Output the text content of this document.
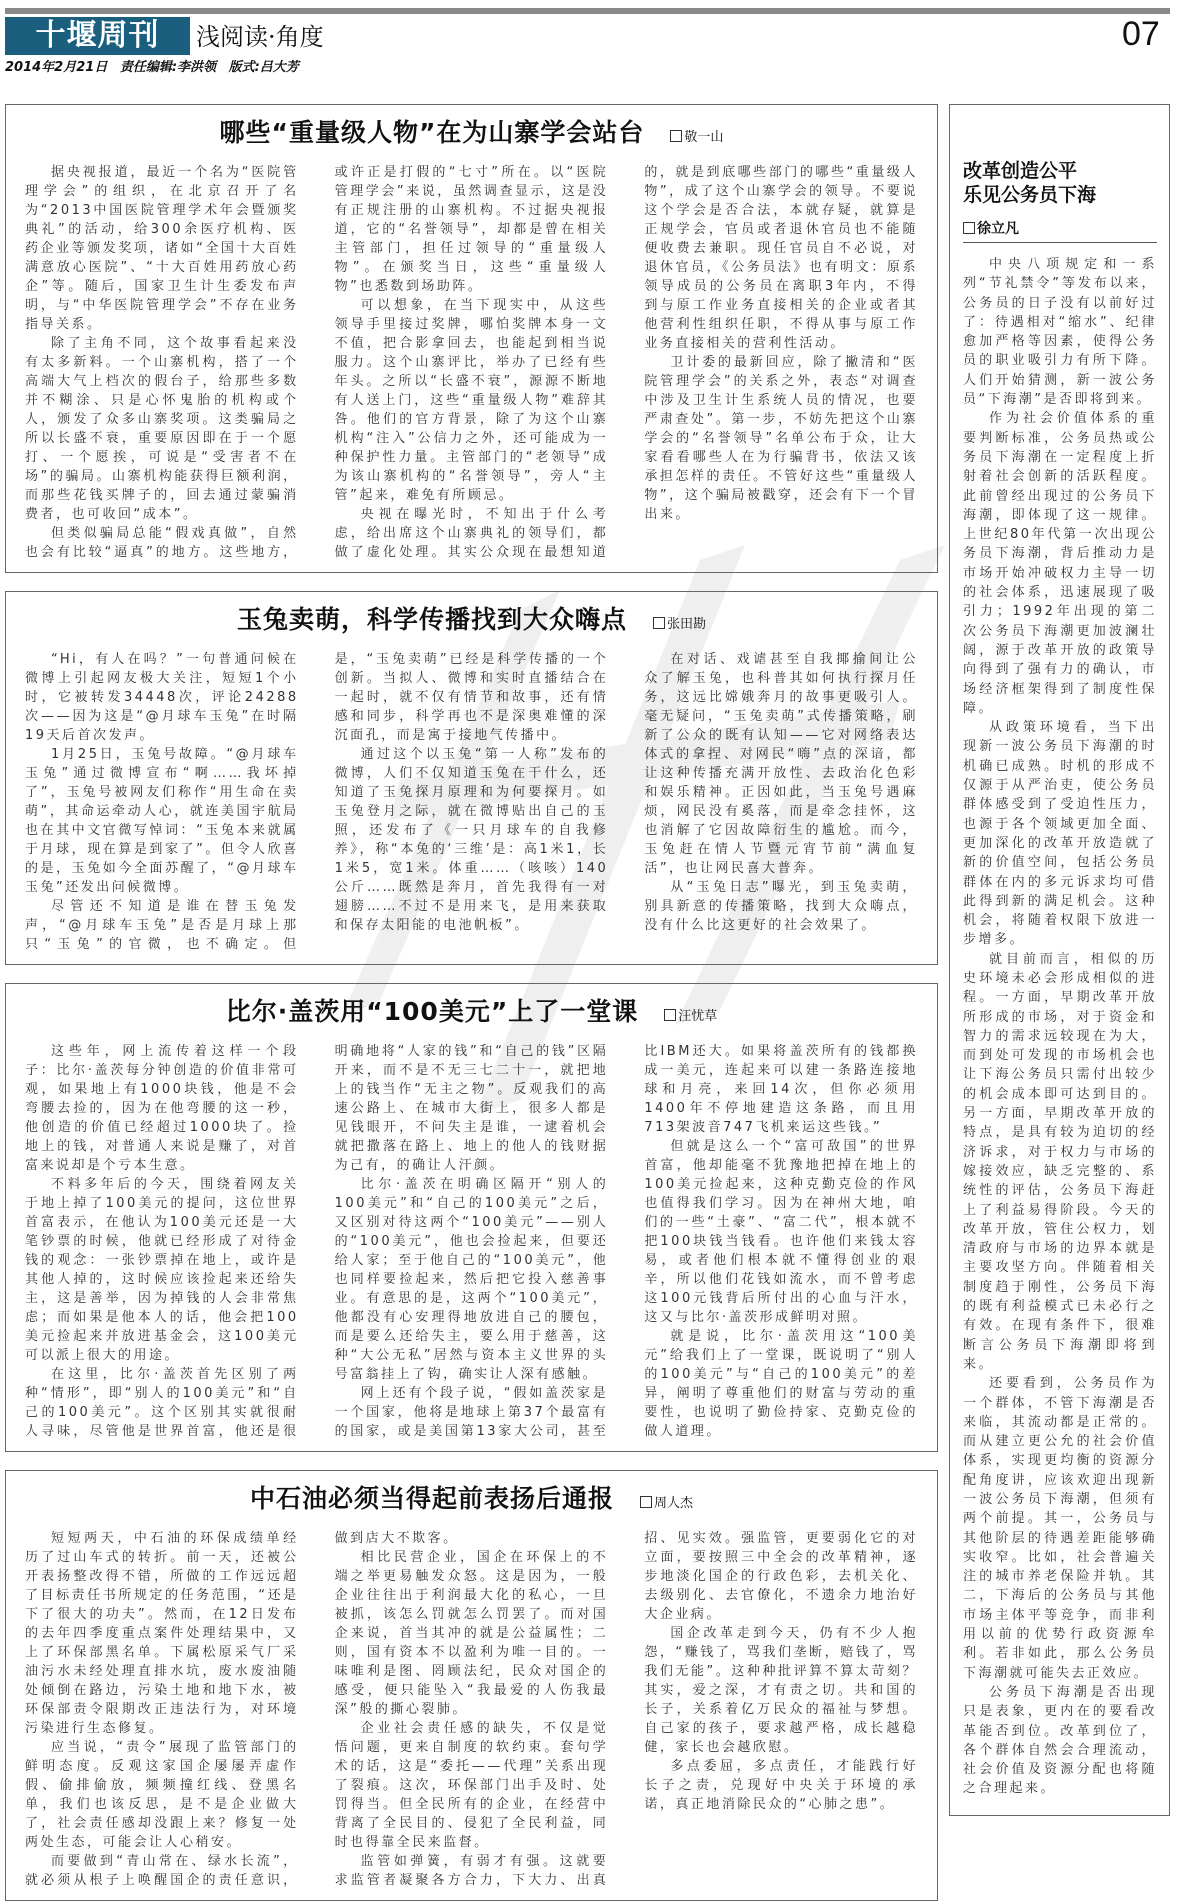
十堰周刊	浅阅读·角度	07
2014年2月21日 责任编辑:李洪领 版式:吕大芳
哪些“重量级人物”在为山寨学会站台	敬一山

据央视报道，最近一个名为“医院管理学会”的组织，在北京召开了名为“2013中国医院管理学术年会暨颁奖典礼”的活动，给300余医疗机构、医药企业等颁发奖项，诸如“全国十大百姓满意放心医院”、“十大百姓用药放心药企”等。随后，国家卫生计生委发布声明，与“中华医院管理学会”不存在业务指导关系。

除了主角不同，这个故事看起来没有太多新料。一个山寨机构，搭了一个高端大气上档次的假台子，给那些多数并不糊涂、只是心怀鬼胎的机构或个人，颁发了众多山寨奖项。这类骗局之所以长盛不衰，重要原因即在于一个愿打、一个愿挨，可说是“受害者不在场”的骗局。山寨机构能获得巨额利润，而那些花钱买牌子的，回去通过蒙骗消费者，也可收回“成本”。

但类似骗局总能“假戏真做”，自然也会有比较“逼真”的地方。这些地方，或许正是打假的“七寸”所在。以“医院管理学会”来说，虽然调查显示，这是没有正规注册的山寨机构。不过据央视报道，它的“名誉领导”，却都是曾在相关主管部门，担任过领导的“重量级人物”。在颁奖当日，这些“重量级人物”也悉数到场助阵。

可以想象，在当下现实中，从这些领导手里接过奖牌，哪怕奖牌本身一文不值，把合影拿回去，也能起到相当说服力。这个山寨评比，举办了已经有些年头。之所以“长盛不衰”，源源不断地有人送上门，这些“重量级人物”难辞其咎。他们的官方背景，除了为这个山寨机构“注入”公信力之外，还可能成为一种保护性力量。主管部门的“老领导”成为该山寨机构的“名誉领导”，旁人“主管”起来，难免有所顾忌。

央视在曝光时，不知出于什么考虑，给出席这个山寨典礼的领导们，都做了虚化处理。其实公众现在最想知道的，就是到底哪些部门的哪些“重量级人物”，成了这个山寨学会的领导。不要说这个学会是否合法，本就存疑，就算是正规学会，官员或者退休官员也不能随便收费去兼职。现任官员自不必说，对退休官员，《公务员法》也有明文：原系领导成员的公务员在离职3年内，不得到与原工作业务直接相关的企业或者其他营利性组织任职，不得从事与原工作业务直接相关的营利性活动。

卫计委的最新回应，除了撇清和“医院管理学会”的关系之外，表态“对调查中涉及卫生计生系统人员的情况，也要严肃查处”。第一步，不妨先把这个山寨学会的“名誉领导”名单公布于众，让大家看看哪些人在为行骗背书，依法又该承担怎样的责任。不管好这些“重量级人物”，这个骗局被戳穿，还会有下一个冒出来。

玉兔卖萌，科学传播找到大众嗨点	张田勘

“Hi，有人在吗？”一句普通问候在微博上引起网友极大关注，短短1个小时，它被转发34448次，评论24288次——因为这是“@月球车玉兔”在时隔19天后首次发声。

1月25日，玉兔号故障。“@月球车玉兔”通过微博宣布“啊……我坏掉了”，玉兔号被网友们称作“用生命在卖萌”，其命运牵动人心，就连美国宇航局也在其中文官微写悼词：“玉兔本来就属于月球，现在算是到家了”。但令人欣喜的是，玉兔如今全面苏醒了，“@月球车玉兔”还发出问候微博。

尽管还不知道是谁在替玉兔发声，“@月球车玉兔”是否是月球上那只“玉兔”的官微，也不确定。但是，“玉兔卖萌”已经是科学传播的一个创新。当拟人、微博和实时直播结合在一起时，就不仅有情节和故事，还有情感和同步，科学再也不是深奥难懂的深沉面孔，而是寓于接地气传播中。

通过这个以玉兔“第一人称”发布的微博，人们不仅知道玉兔在干什么，还知道了玉兔探月原理和为何要探月。如玉兔登月之际，就在微博贴出自己的玉照，还发布了《一只月球车的自我修养》，称“本兔的‘三维’是：高1米1，长1米5，宽1米。体重……（咳咳）140公斤……既然是奔月，首先我得有一对翅膀……不过不是用来飞，是用来获取和保存太阳能的电池帆板”。

在对话、戏谑甚至自我揶揄间让公众了解玉兔，也科普其如何执行探月任务，这远比嫦娥奔月的故事更吸引人。毫无疑问，“玉兔卖萌”式传播策略，刷新了公众的既有认知——它对网络表达体式的拿捏、对网民“嗨”点的深谙，都让这种传播充满开放性、去政治化色彩和娱乐精神。正因如此，当玉兔号遇麻烦，网民没有奚落，而是牵念挂怀，这也消解了它因故障衍生的尴尬。而今，玉兔赶在情人节暨元宵节前“满血复活”，也让网民喜大普奔。

从“玉兔日志”曝光，到玉兔卖萌，别具新意的传播策略，找到大众嗨点，没有什么比这更好的社会效果了。

比尔·盖茨用“100美元”上了一堂课	汪忧草

这些年，网上流传着这样一个段子：比尔·盖茨每分钟创造的价值非常可观，如果地上有1000块钱，他是不会弯腰去捡的，因为在他弯腰的这一秒，他创造的价值已经超过1000块了。捡地上的钱，对普通人来说是赚了，对首富来说却是个亏本生意。

不料多年后的今天，围绕着网友关于地上掉了100美元的提问，这位世界首富表示，在他认为100美元还是一大笔钞票的时候，他就已经形成了对待金钱的观念：一张钞票掉在地上，或许是其他人掉的，这时候应该捡起来还给失主，这是善举，因为掉钱的人会非常焦虑；而如果是他本人的话，他会把100美元捡起来并放进基金会，这100美元可以派上很大的用途。

在这里，比尔·盖茨首先区别了两种“情形”，即“别人的100美元”和“自己的100美元”。这个区别其实就很耐人寻味，尽管他是世界首富，他还是很明确地将“人家的钱”和“自己的钱”区隔开来，而不是不无三七二十一，就把地上的钱当作“无主之物”。反观我们的高速公路上、在城市大街上，很多人都是见钱眼开，不问失主是谁，一逮着机会就把撒落在路上、地上的他人的钱财据为己有，的确让人汗颜。

比尔·盖茨在明确区隔开“别人的100美元”和“自己的100美元”之后，又区别对待这两个“100美元”——别人的“100美元”，他也会捡起来，但要还给人家；至于他自己的“100美元”，他也同样要捡起来，然后把它投入慈善事业。有意思的是，这两个“100美元”，他都没有心安理得地放进自己的腰包，而是要么还给失主，要么用于慈善，这种“大公无私”居然与资本主义世界的头号富翁挂上了钩，确实让人深有感触。

网上还有个段子说，“假如盖茨家是一个国家，他将是地球上第37个最富有的国家，或是美国第13家大公司，甚至比IBM还大。如果将盖茨所有的钱都换成一美元，连起来可以建一条路连接地球和月亮，来回14次，但你必须用1400年不停地建造这条路，而且用713架波音747飞机来运这些钱。”

但就是这么一个“富可敌国”的世界首富，他却能毫不犹豫地把掉在地上的100美元捡起来，这种克勤克俭的作风也值得我们学习。因为在神州大地，咱们的一些“土豪”、“富二代”，根本就不把100块钱当钱看。也许他们来钱太容易，或者他们根本就不懂得创业的艰辛，所以他们花钱如流水，而不曾考虑这100元钱背后所付出的心血与汗水，这又与比尔·盖茨形成鲜明对照。

就是说，比尔·盖茨用这“100美元”给我们上了一堂课，既说明了“别人的100美元”与“自己的100美元”的差异，阐明了尊重他们的财富与劳动的重要性，也说明了勤俭持家、克勤克俭的做人道理。

中石油必须当得起前表扬后通报	周人杰

短短两天，中石油的环保成绩单经历了过山车式的转折。前一天，还被公开表扬整改得不错，所做的工作远远超了目标责任书所规定的任务范围，“还是下了很大的功夫”。然而，在12日发布的去年四季度重点案件处理结果中，又上了环保部黑名单。下属松原采气厂采油污水未经处理直排水坑，废水废油随处倾倒在路边，污染土地和地下水，被环保部责令限期改正违法行为，对环境污染进行生态修复。

应当说，“责令”展现了监管部门的鲜明态度。反观这家国企屡屡弄虚作假、偷排偷放，频频撞红线、登黑名单，我们也该反思，是不是企业做大了，社会责任感却没跟上来？修复一处两处生态，可能会让人心稍安。

而要做到“青山常在、绿水长流”，就必须从根子上唤醒国企的责任意识，做到店大不欺客。

相比民营企业，国企在环保上的不端之举更易触发众怒。这是因为，一般企业往往出于利润最大化的私心，一旦被抓，该怎么罚就怎么罚罢了。而对国企来说，首当其冲的就是公益属性；二则，国有资本不以盈利为唯一目的。一味唯利是图、罔顾法纪，民众对国企的感受，便只能坠入“我最爱的人伤我最深”般的撕心裂肺。

企业社会责任感的缺失，不仅是觉悟问题，更来自制度的软约束。套句学术的话，这是“委托——代理”关系出现了裂痕。这次，环保部门出手及时、处罚得当。但全民所有的企业，在经营中背离了全民目的、侵犯了全民利益，同时也得靠全民来监督。

监管如弹簧，有弱才有强。这就要求监管者凝聚各方合力，下大力、出真招、见实效。强监管，更要弱化它的对立面，要按照三中全会的改革精神，逐步地淡化国企的行政色彩，去机关化、去级别化、去官僚化，不遗余力地治好大企业病。

国企改革走到今天，仍有不少人抱怨，“赚钱了，骂我们垄断，赔钱了，骂我们无能”。这种种批评算不算太苛刻？其实，爱之深，才有责之切。共和国的长子，关系着亿万民众的福祉与梦想。自己家的孩子，要求越严格，成长越稳健，家长也会越欣慰。

多点委屈，多点责任，才能践行好长子之责，兑现好中央关于环境的承诺，真正地消除民众的“心肺之患”。

改革创造公平
乐见公务员下海
徐立凡

中央八项规定和一系列“节礼禁令”等发布以来，公务员的日子没有以前好过了：待遇相对“缩水”、纪律愈加严格等因素，使得公务员的职业吸引力有所下降。人们开始猜测，新一波公务员“下海潮”是否即将到来。

作为社会价值体系的重要判断标准，公务员热或公务员下海潮在一定程度上折射着社会创新的活跃程度。此前曾经出现过的公务员下海潮，即体现了这一规律。上世纪80年代第一次出现公务员下海潮，背后推动力是市场开始冲破权力主导一切的社会体系，迅速展现了吸引力；1992年出现的第二次公务员下海潮更加波澜壮阔，源于改革开放的政策导向得到了强有力的确认，市场经济框架得到了制度性保障。

从政策环境看，当下出现新一波公务员下海潮的时机确已成熟。时机的形成不仅源于从严治吏，使公务员群体感受到了受迫性压力，也源于各个领域更加全面、更加深化的改革开放造就了新的价值空间，包括公务员群体在内的多元诉求均可借此得到新的满足机会。这种机会，将随着权限下放进一步增多。

就目前而言，相似的历史环境未必会形成相似的进程。一方面，早期改革开放所形成的市场，对于资金和智力的需求远较现在为大，而到处可发现的市场机会也让下海公务员只需付出较少的机会成本即可达到目的。另一方面，早期改革开放的特点，是具有较为迫切的经济诉求，对于权力与市场的嫁接效应，缺乏完整的、系统性的评估，公务员下海赶上了利益易得阶段。今天的改革开放，管住公权力，划清政府与市场的边界本就是主要攻坚方向。伴随着相关制度趋于刚性，公务员下海的既有利益模式已未必行之有效。在现有条件下，很难断言公务员下海潮即将到来。

还要看到，公务员作为一个群体，不管下海潮是否来临，其流动都是正常的。而从建立更公允的社会价值体系，实现更均衡的资源分配角度讲，应该欢迎出现新一波公务员下海潮，但须有两个前提。其一，公务员与其他阶层的待遇差距能够确实收窄。比如，社会普遍关注的城市养老保险并轨。其二，下海后的公务员与其他市场主体平等竞争，而非利用以前的优势行政资源牟利。若非如此，那么公务员下海潮就可能失去正效应。

公务员下海潮是否出现只是表象，更内在的要看改革能否到位。改革到位了，各个群体自然会合理流动，社会价值及资源分配也将随之合理起来。
